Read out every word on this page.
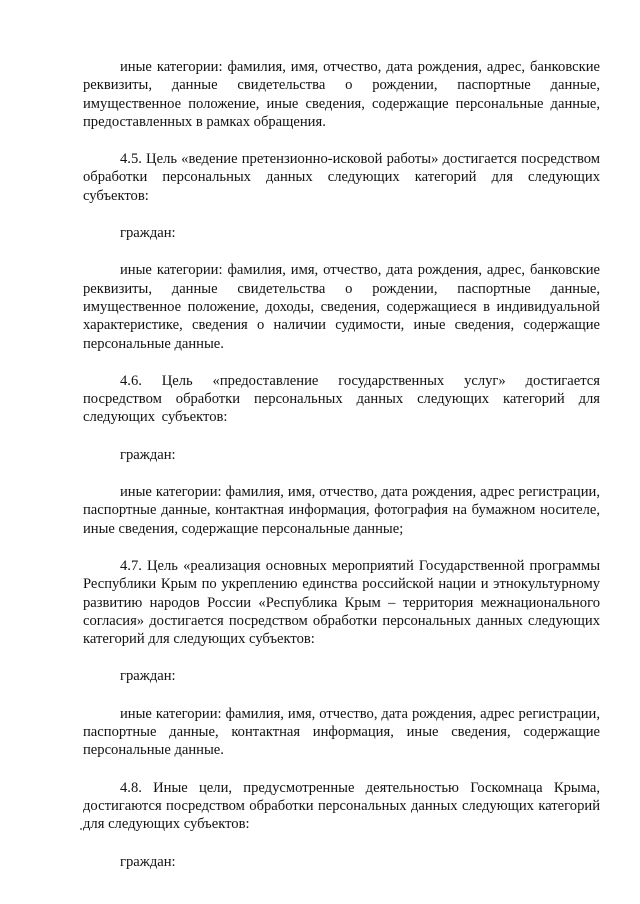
иные категории: фамилия, имя, отчество, дата рождения, адрес, банковские реквизиты, данные свидетельства о рождении, паспортные данные, имущественное положение, иные сведения, содержащие персональные данные, предоставленных в рамках обращения.

4.5. Цель «ведение претензионно-исковой работы» достигается посредством обработки персональных данных следующих категорий для следующих субъектов:

граждан:

иные категории: фамилия, имя, отчество, дата рождения, адрес, банковские реквизиты, данные свидетельства о рождении, паспортные данные, имущественное положение, доходы, сведения, содержащиеся в индивидуальной характеристике, сведения о наличии судимости, иные сведения, содержащие персональные данные.

4.6. Цель «предоставление государственных услуг» достигается посредством обработки персональных данных следующих категорий для следующих субъектов:

граждан:

иные категории: фамилия, имя, отчество, дата рождения, адрес регистрации, паспортные данные, контактная информация, фотография на бумажном носителе, иные сведения, содержащие персональные данные;

4.7. Цель «реализация основных мероприятий Государственной программы Республики Крым по укреплению единства российской нации и этнокультурному развитию народов России «Республика Крым – территория межнационального согласия» достигается посредством обработки персональных данных следующих категорий для следующих субъектов:

граждан:

иные категории: фамилия, имя, отчество, дата рождения, адрес регистрации, паспортные данные, контактная информация, иные сведения, содержащие персональные данные.

4.8. Иные цели, предусмотренные деятельностью Госкомнаца Крыма, достигаются посредством обработки персональных данных следующих категорий для следующих субъектов:

граждан:
